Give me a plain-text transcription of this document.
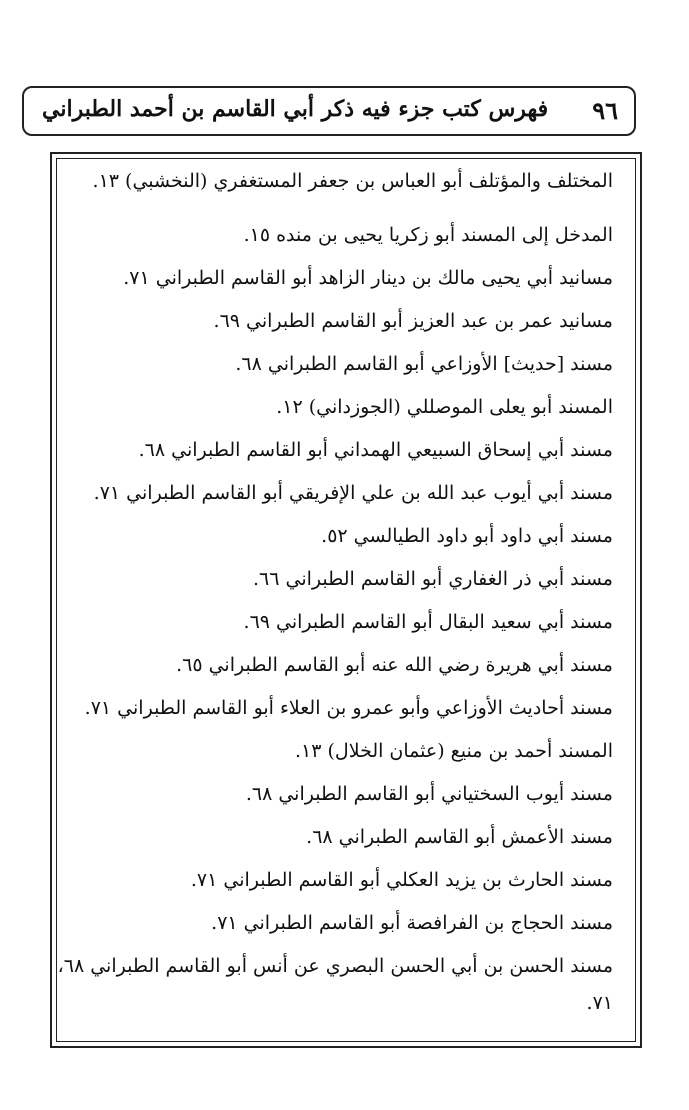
٩٦
فهرس كتب جزء فيه ذكر أبي القاسم بن أحمد الطبراني
المختلف والمؤتلف أبو العباس بن جعفر المستغفري (النخشبي) ١٣.
المدخل إلى المسند أبو زكريا يحيى بن منده ١٥.
مسانيد أبي يحيى مالك بن دينار الزاهد أبو القاسم الطبراني ٧١.
مسانيد عمر بن عبد العزيز أبو القاسم الطبراني ٦٩.
مسند [حديث] الأوزاعي أبو القاسم الطبراني ٦٨.
المسند أبو يعلى الموصللي (الجوزداني) ١٢.
مسند أبي إسحاق السبيعي الهمداني أبو القاسم الطبراني ٦٨.
مسند أبي أيوب عبد الله بن علي الإفريقي أبو القاسم الطبراني ٧١.
مسند أبي داود أبو داود الطيالسي ٥٢.
مسند أبي ذر الغفاري أبو القاسم الطبراني ٦٦.
مسند أبي سعيد البقال أبو القاسم الطبراني ٦٩.
مسند أبي هريرة رضي الله عنه أبو القاسم الطبراني ٦٥.
مسند أحاديث الأوزاعي وأبو عمرو بن العلاء أبو القاسم الطبراني ٧١.
المسند أحمد بن منيع (عثمان الخلال) ١٣.
مسند أيوب السختياني أبو القاسم الطبراني ٦٨.
مسند الأعمش أبو القاسم الطبراني ٦٨.
مسند الحارث بن يزيد العكلي أبو القاسم الطبراني ٧١.
مسند الحجاج بن الفرافصة أبو القاسم الطبراني ٧١.
مسند الحسن بن أبي الحسن البصري عن أنس أبو القاسم الطبراني ٦٨،
٧١.
